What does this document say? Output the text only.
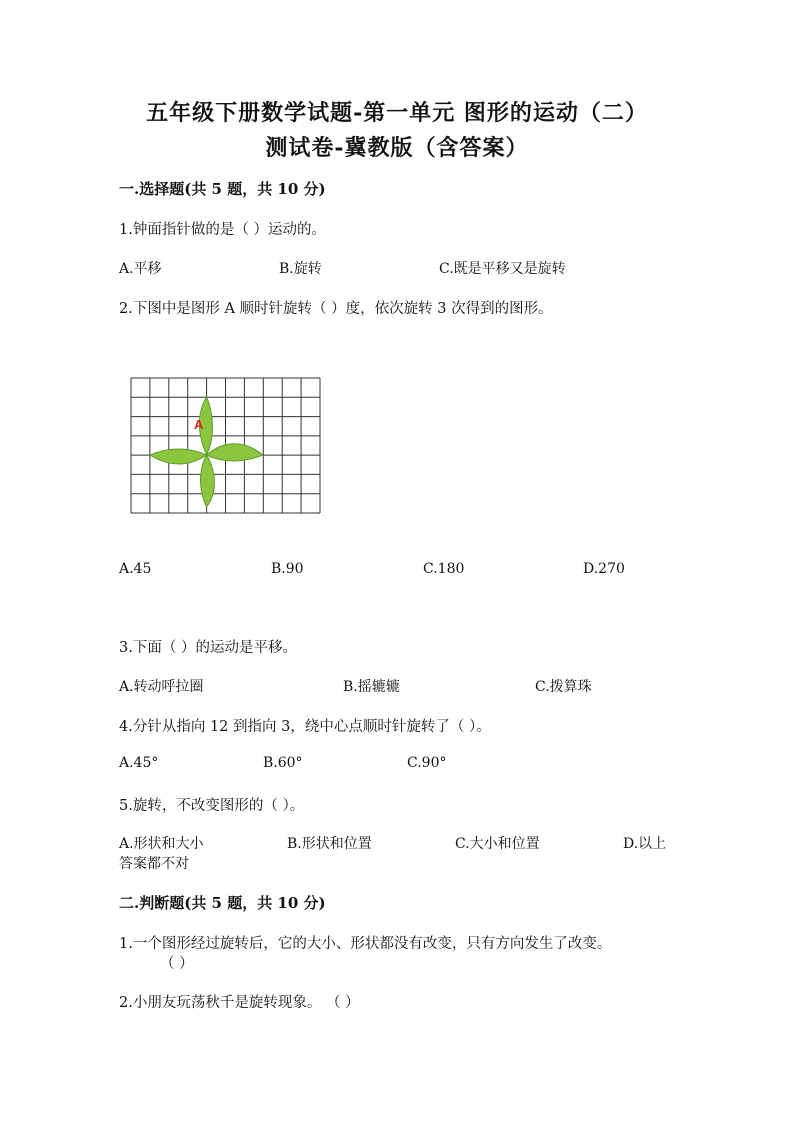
五年级下册数学试题-第一单元 图形的运动（二）
测试卷-冀教版（含答案）
一.选择题(共 5 题，共 10 分)
1.钟面指针做的是（ ）运动的。
A.平移	B.旋转	C.既是平移又是旋转
2.下图中是图形 A 顺时针旋转（ ）度，依次旋转 3 次得到的图形。
A
A.45	B.90	C.180	D.270
3.下面（ ）的运动是平移。
A.转动呼拉圈	B.摇辘辘	C.拨算珠
4.分针从指向 12 到指向 3，绕中心点顺时针旋转了（ ）。
A.45°	B.60°	C.90°
5.旋转，不改变图形的（ ）。
A.形状和大小	B.形状和位置	C.大小和位置	D.以上
答案都不对
二.判断题(共 5 题，共 10 分)
1.一个图形经过旋转后，它的大小、形状都没有改变，只有方向发生了改变。
（ ）
2.小朋友玩荡秋千是旋转现象。 （ ）
